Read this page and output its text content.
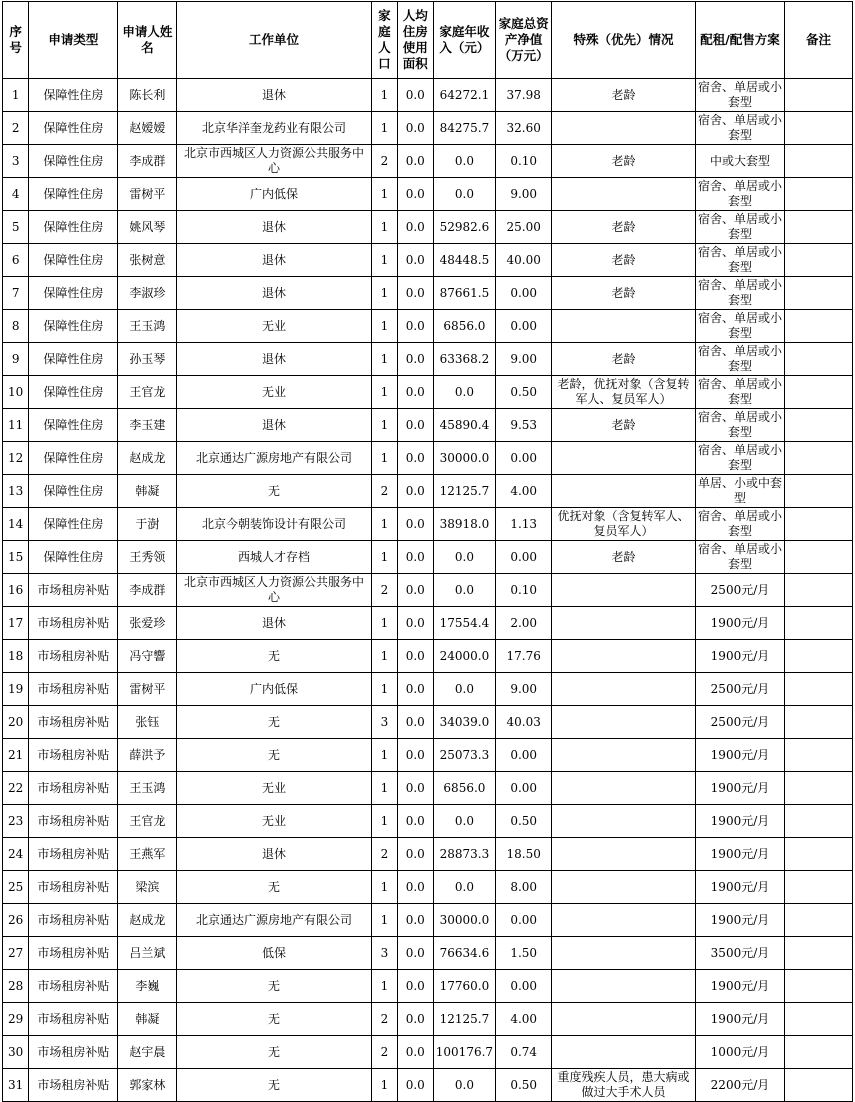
序号	申请类型	申请人姓名	工作单位	家庭人口	人均住房使用面积	家庭年收入（元）	家庭总资产净值（万元）	特殊（优先）情况	配租/配售方案	备注
1	保障性住房	陈长利	退休	1	0.0	64272.1	37.98	老龄	宿舍、单居或小套型	
2	保障性住房	赵嫒嫒	北京华洋奎龙药业有限公司	1	0.0	84275.7	32.60		宿舍、单居或小套型	
3	保障性住房	李成群	北京市西城区人力资源公共服务中心	2	0.0	0.0	0.10	老龄	中或大套型	
4	保障性住房	雷树平	广内低保	1	0.0	0.0	9.00		宿舍、单居或小套型	
5	保障性住房	姚风琴	退休	1	0.0	52982.6	25.00	老龄	宿舍、单居或小套型	
6	保障性住房	张树意	退休	1	0.0	48448.5	40.00	老龄	宿舍、单居或小套型	
7	保障性住房	李淑珍	退休	1	0.0	87661.5	0.00	老龄	宿舍、单居或小套型	
8	保障性住房	王玉鸿	无业	1	0.0	6856.0	0.00		宿舍、单居或小套型	
9	保障性住房	孙玉琴	退休	1	0.0	63368.2	9.00	老龄	宿舍、单居或小套型	
10	保障性住房	王官龙	无业	1	0.0	0.0	0.50	老龄，优抚对象（含复转军人、复员军人）	宿舍、单居或小套型	
11	保障性住房	李玉建	退休	1	0.0	45890.4	9.53	老龄	宿舍、单居或小套型	
12	保障性住房	赵成龙	北京通达广源房地产有限公司	1	0.0	30000.0	0.00		宿舍、单居或小套型	
13	保障性住房	韩凝	无	2	0.0	12125.7	4.00		单居、小或中套型	
14	保障性住房	于澍	北京今朝装饰设计有限公司	1	0.0	38918.0	1.13	优抚对象（含复转军人、复员军人）	宿舍、单居或小套型	
15	保障性住房	王秀领	西城人才存档	1	0.0	0.0	0.00	老龄	宿舍、单居或小套型	
16	市场租房补贴	李成群	北京市西城区人力资源公共服务中心	2	0.0	0.0	0.10		2500元/月	
17	市场租房补贴	张爱珍	退休	1	0.0	17554.4	2.00		1900元/月	
18	市场租房补贴	冯守響	无	1	0.0	24000.0	17.76		1900元/月	
19	市场租房补贴	雷树平	广内低保	1	0.0	0.0	9.00		2500元/月	
20	市场租房补贴	张钰	无	3	0.0	34039.0	40.03		2500元/月	
21	市场租房补贴	薛洪予	无	1	0.0	25073.3	0.00		1900元/月	
22	市场租房补贴	王玉鸿	无业	1	0.0	6856.0	0.00		1900元/月	
23	市场租房补贴	王官龙	无业	1	0.0	0.0	0.50		1900元/月	
24	市场租房补贴	王燕军	退休	2	0.0	28873.3	18.50		1900元/月	
25	市场租房补贴	梁滨	无	1	0.0	0.0	8.00		1900元/月	
26	市场租房补贴	赵成龙	北京通达广源房地产有限公司	1	0.0	30000.0	0.00		1900元/月	
27	市场租房补贴	吕兰斌	低保	3	0.0	76634.6	1.50		3500元/月	
28	市场租房补贴	李巍	无	1	0.0	17760.0	0.00		1900元/月	
29	市场租房补贴	韩凝	无	2	0.0	12125.7	4.00		1900元/月	
30	市场租房补贴	赵宇晨	无	2	0.0	100176.7	0.74		1000元/月	
31	市场租房补贴	郭家林	无	1	0.0	0.0	0.50	重度残疾人员，患大病或做过大手术人员	2200元/月	
